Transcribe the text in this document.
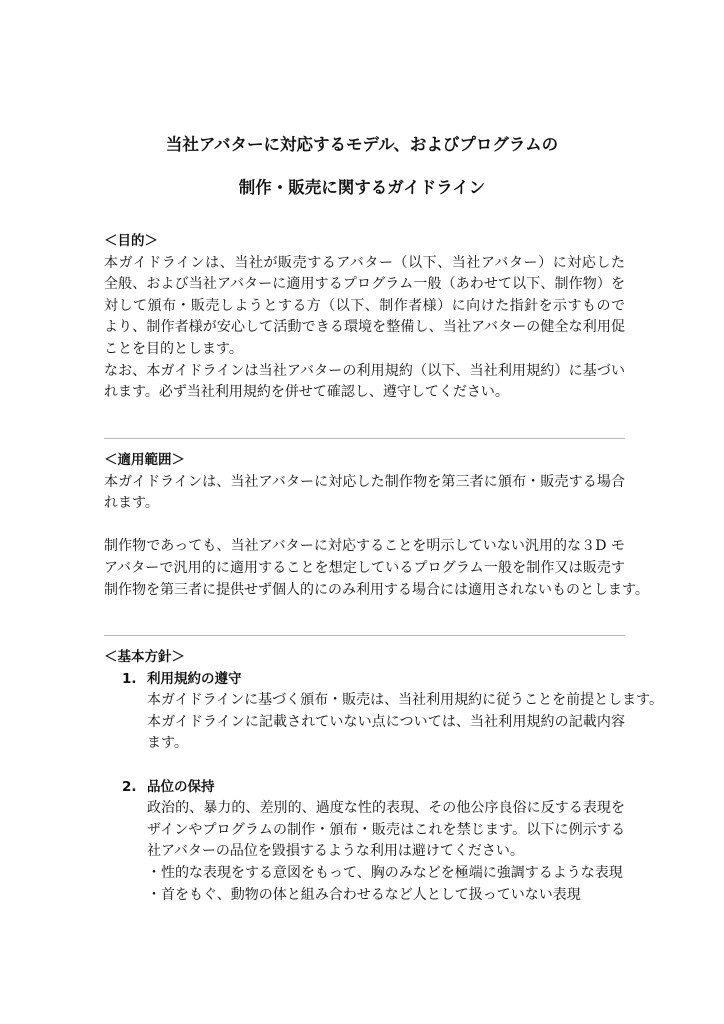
当社アバターに対応するモデル、およびプログラムの
制作・販売に関するガイドライン
＜目的＞
本ガイドラインは、当社が販売するアバター（以下、当社アバター）に対応した
全般、および当社アバターに適用するプログラム一般（あわせて以下、制作物）を
対して頒布・販売しようとする方（以下、制作者様）に向けた指針を示すもので
より、制作者様が安心して活動できる環境を整備し、当社アバターの健全な利用促
ことを目的とします。
なお、本ガイドラインは当社アバターの利用規約（以下、当社利用規約）に基づい
れます。必ず当社利用規約を併せて確認し、遵守してください。
＜適用範囲＞
本ガイドラインは、当社アバターに対応した制作物を第三者に頒布・販売する場合
れます。
制作物であっても、当社アバターに対応することを明示していない汎用的な３D モ
アバターで汎用的に適用することを想定しているプログラム一般を制作又は販売す
制作物を第三者に提供せず個人的にのみ利用する場合には適用されないものとします。
＜基本方針＞
1. 利用規約の遵守
本ガイドラインに基づく頒布・販売は、当社利用規約に従うことを前提とします。
本ガイドラインに記載されていない点については、当社利用規約の記載内容
ます。
2. 品位の保持
政治的、暴力的、差別的、過度な性的表現、その他公序良俗に反する表現を
ザインやプログラムの制作・頒布・販売はこれを禁じます。以下に例示する
社アバターの品位を毀損するような利用は避けてください。
・性的な表現をする意図をもって、胸のみなどを極端に強調するような表現
・首をもぐ、動物の体と組み合わせるなど人として扱っていない表現
